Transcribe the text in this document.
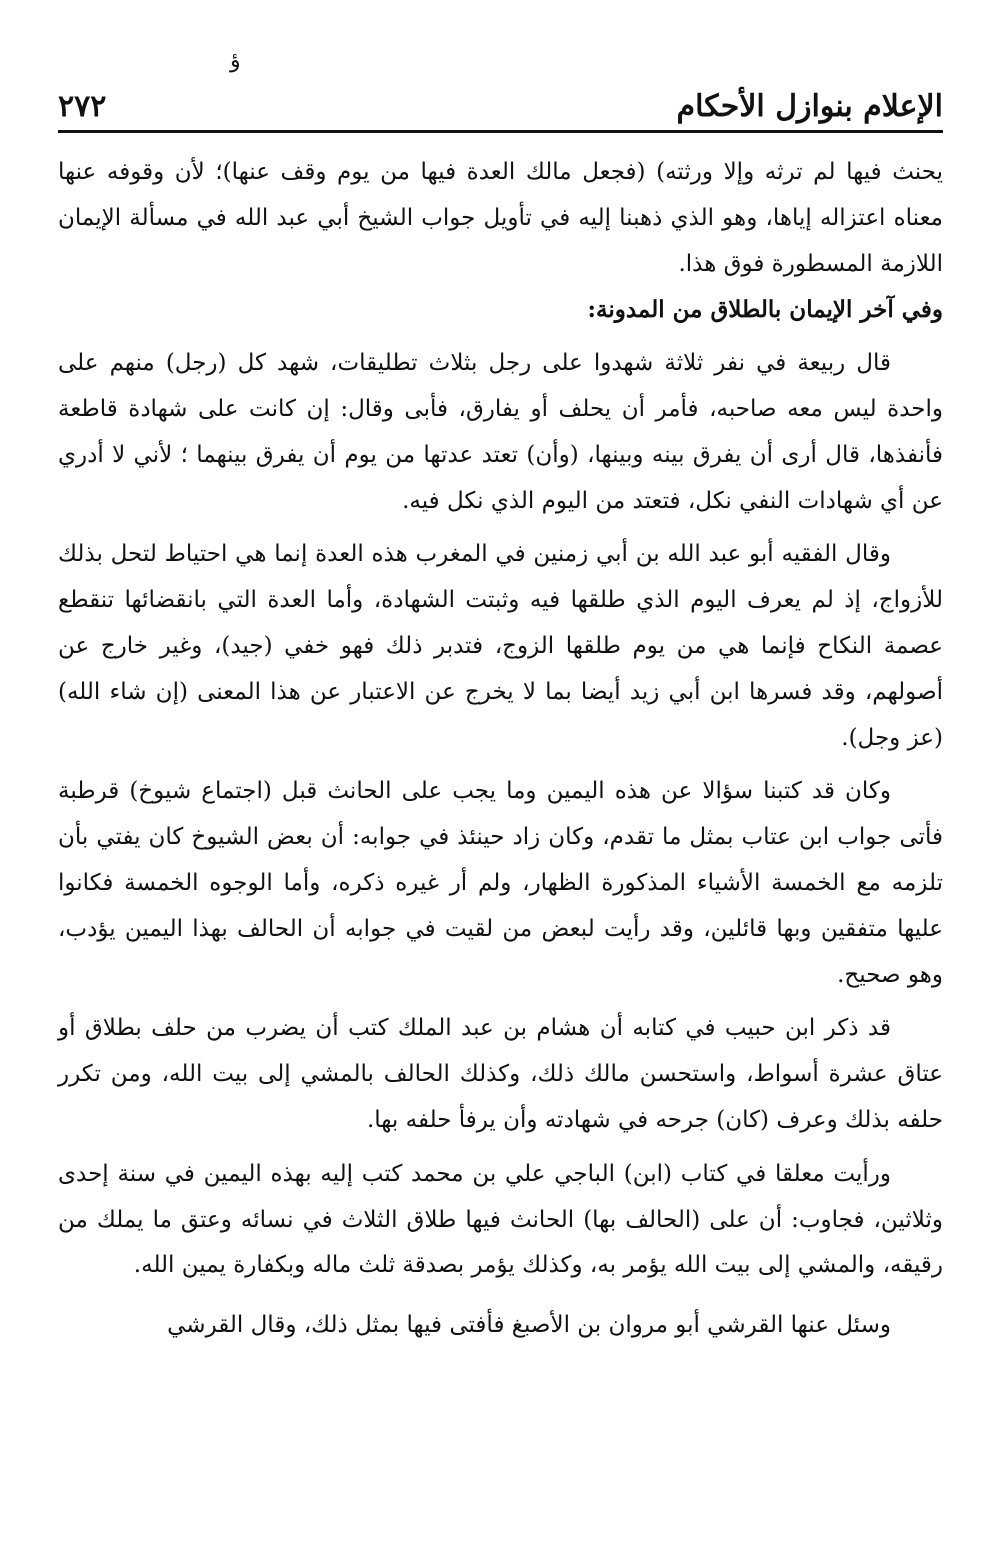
ؤ
٢٧٢	الإعلام بنوازل الأحكام

يحنث فيها لم ترثه وإلا ورثته) (فجعل مالك العدة فيها من يوم وقف عنها)؛ لأن وقوفه عنها معناه اعتزاله إياها، وهو الذي ذهبنا إليه في تأويل جواب الشيخ أبي عبد الله في مسألة الإيمان اللازمة المسطورة فوق هذا.

وفي آخر الإيمان بالطلاق من المدونة:

قال ربيعة في نفر ثلاثة شهدوا على رجل بثلاث تطليقات، شهد كل (رجل) منهم على واحدة ليس معه صاحبه، فأمر أن يحلف أو يفارق، فأبى وقال: إن كانت على شهادة قاطعة فأنفذها، قال أرى أن يفرق بينه وبينها، (وأن) تعتد عدتها من يوم أن يفرق بينهما ؛ لأني لا أدري عن أي شهادات النفي نكل، فتعتد من اليوم الذي نكل فيه.

وقال الفقيه أبو عبد الله بن أبي زمنين في المغرب هذه العدة إنما هي احتياط لتحل بذلك للأزواج، إذ لم يعرف اليوم الذي طلقها فيه وثبتت الشهادة، وأما العدة التي بانقضائها تنقطع عصمة النكاح فإنما هي من يوم طلقها الزوج، فتدبر ذلك فهو خفي (جيد)، وغير خارج عن أصولهم، وقد فسرها ابن أبي زيد أيضا بما لا يخرج عن الاعتبار عن هذا المعنى (إن شاء الله) (عز وجل).

وكان قد كتبنا سؤالا عن هذه اليمين وما يجب على الحانث قبل (اجتماع شيوخ) قرطبة فأتى جواب ابن عتاب بمثل ما تقدم، وكان زاد حينئذ في جوابه: أن بعض الشيوخ كان يفتي بأن تلزمه مع الخمسة الأشياء المذكورة الظهار، ولم أر غيره ذكره، وأما الوجوه الخمسة فكانوا عليها متفقين وبها قائلين، وقد رأيت لبعض من لقيت في جوابه أن الحالف بهذا اليمين يؤدب، وهو صحيح.

قد ذكر ابن حبيب في كتابه أن هشام بن عبد الملك كتب أن يضرب من حلف بطلاق أو عتاق عشرة أسواط، واستحسن مالك ذلك، وكذلك الحالف بالمشي إلى بيت الله، ومن تكرر حلفه بذلك وعرف (كان) جرحه في شهادته وأن يرفأ حلفه بها.

ورأيت معلقا في كتاب (ابن) الباجي علي بن محمد كتب إليه بهذه اليمين في سنة إحدى وثلاثين، فجاوب: أن على (الحالف بها) الحانث فيها طلاق الثلاث في نسائه وعتق ما يملك من رقيقه، والمشي إلى بيت الله يؤمر به، وكذلك يؤمر بصدقة ثلث ماله وبكفارة يمين الله.

وسئل عنها القرشي أبو مروان بن الأصبغ فأفتى فيها بمثل ذلك، وقال القرشي
